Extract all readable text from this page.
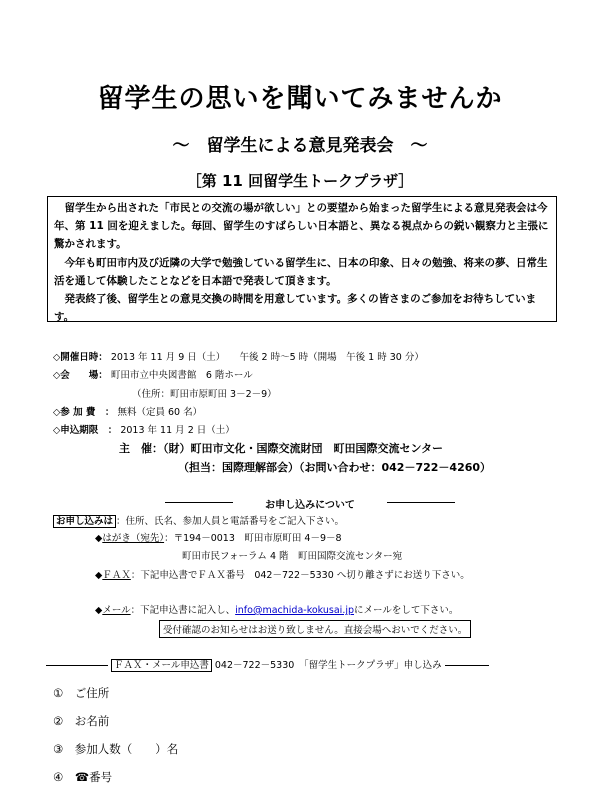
留学生の思いを聞いてみませんか
～　留学生による意見発表会　～
［第 11 回留学生トークプラザ］

留学生から出された「市民との交流の場が欲しい」との要望から始まった留学生による意見発表会は今年、第 11 回を迎えました。毎回、留学生のすばらしい日本語と、異なる視点からの鋭い観察力と主張に驚かされます。

今年も町田市内及び近隣の大学で勉強している留学生に、日本の印象、日々の勉強、将来の夢、日常生活を通して体験したことなどを日本語で発表して頂きます。

発表終了後、留学生との意見交換の時間を用意しています。多くの皆さまのご参加をお待ちしています。

◇開催日時： 2013 年 11 月 9 日（土）　　午後 2 時～5 時（開場　午後 1 時 30 分）
◇会　　場： 町田市立中央図書館　6 階ホール
（住所：町田市原町田 3－2－9）
◇参 加 費　： 無料（定員 60 名）
◇申込期限　： 2013 年 11 月 2 日（土）
主　催：（財）町田市文化・国際交流財団　町田国際交流センター
（担当：国際理解部会）（お問い合わせ：042－722－4260）
お申し込みについて
お申し込みは ：住所、氏名、参加人員と電話番号をご記入下さい。
◆はがき（宛先）：〒194－0013　町田市原町田 4－9－8
町田市民フォーラム 4 階　町田国際交流センター宛
◆ＦＡＸ：下記申込書でＦＡＸ番号　042－722－5330 へ切り離さずにお送り下さい。
◆メール：下記申込書に記入し、info@machida-kokusai.jpにメールをして下さい。
受付確認のお知らせはお送り致しません。直接会場へおいでください。
ＦＡＸ・メール申込書 042－722－5330　「留学生トークプラザ」申し込み
①　ご住所
②　お名前
③　参加人数（　　）名
④　☎番号
